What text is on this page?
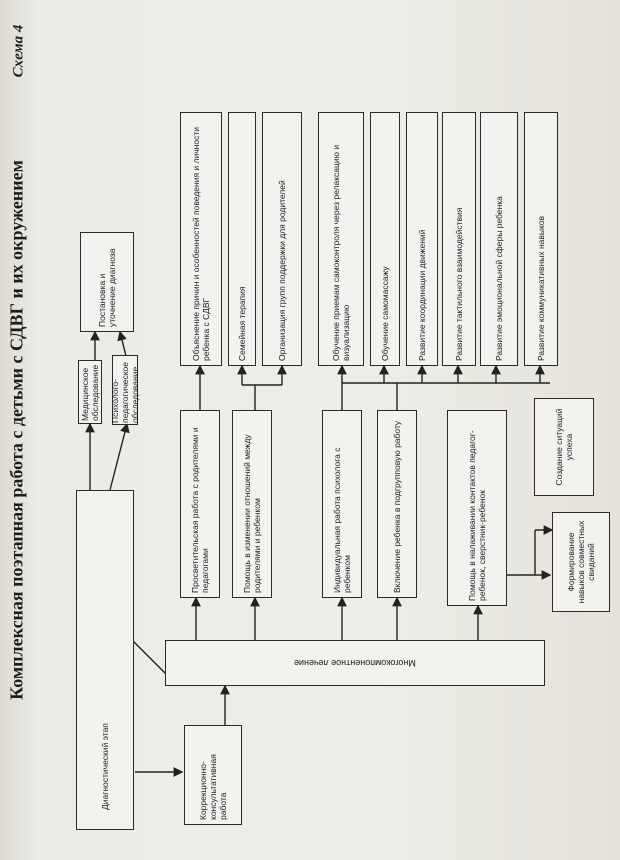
Комплексная поэтапная работа с детьми с СДВГ и их окружением
Схема 4
Диагностический этап
Медицинское обследование Психолого-педагогическое обследование
Постановка и уточнение диагноза
Коррекционно-консультативная работа
Многокомпонентное лечение
Просветительская работа с родителями и педагогами	Помощь в изменении отношений между родителями и ребенком	Индивидуальная работа психолога с ребенком	Включение ребенка в подгрупповую работу	Помощь в налаживании контактов педагог-ребенок, сверстник-ребенок
Объяснение причин и особенностей поведения и личности ребенка с СДВГ	Семейная терапия	Организация групп поддержки для родителей	Обучение приемам самоконтроля через релаксацию и визуализацию	Обучение самомассажу	Развитие координации движений	Развитие тактильного взаимодействия	Развитие эмоциональной сферы ребенка	Развитие коммуникативных навыков
Создание ситуаций успеха
Формирование навыков совместных свиданий
